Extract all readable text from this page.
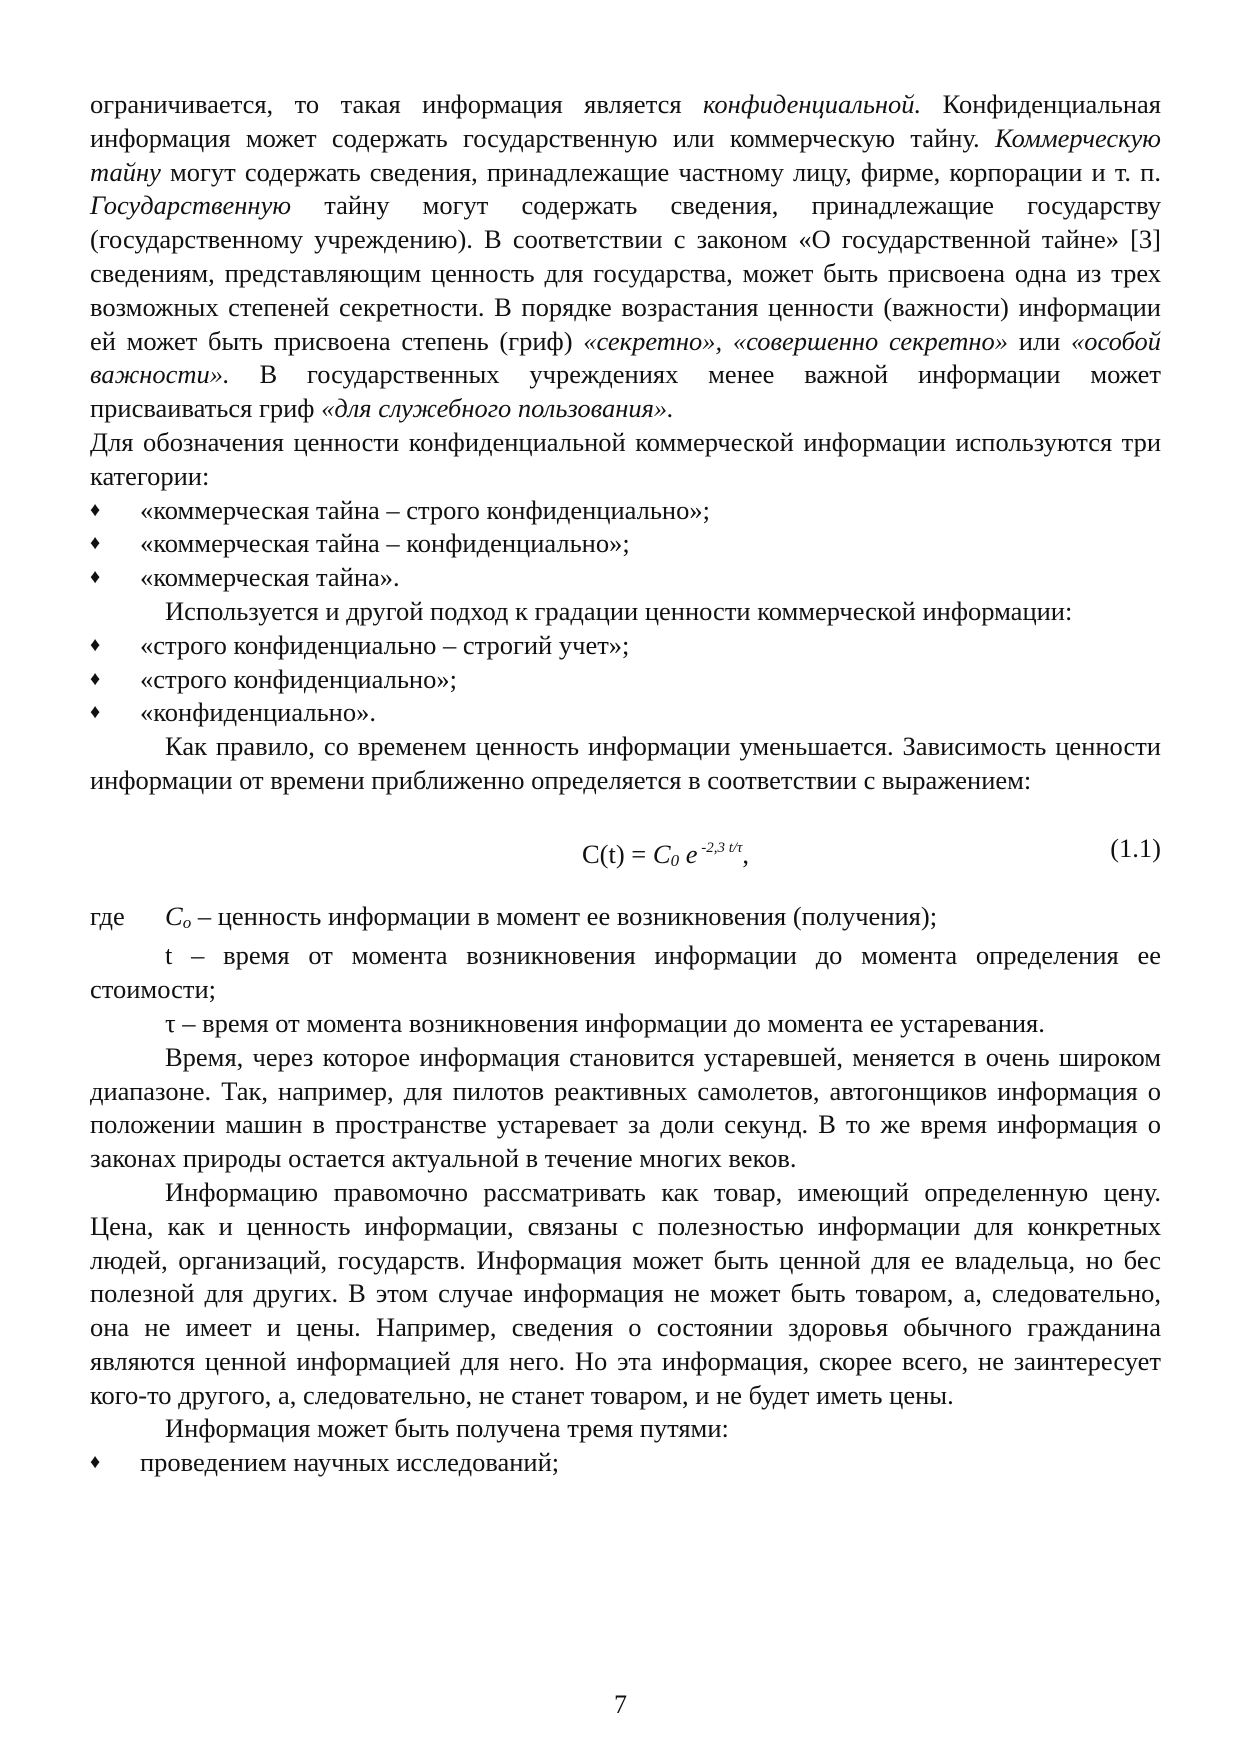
ограничивается, то такая информация является конфиденциальной. Конфиденциальная информация может содержать государственную или коммерческую тайну. Коммерческую тайну могут содержать сведения, принадлежащие частному лицу, фирме, корпорации и т. п. Государственную тайну могут содержать сведения, принадлежащие государству (государственному учреждению). В соответствии с законом «О государственной тайне» [3] сведениям, представляющим ценность для государства, может быть присвоена одна из трех возможных степеней секретности. В порядке возрастания ценности (важности) информации ей может быть присвоена степень (гриф) «секретно», «совершенно секретно» или «особой важности». В государственных учреждениях менее важной информации может присваиваться гриф «для служебного пользования».

Для обозначения ценности конфиденциальной коммерческой информации используются три категории:

♦	«коммерческая тайна – строго конфиденциально»;
♦	«коммерческая тайна – конфиденциально»;
♦	«коммерческая тайна».

Используется и другой подход к градации ценности коммерческой информации:

♦	«строго конфиденциально – строгий учет»;
♦	«строго конфиденциально»;
♦	«конфиденциально».

Как правило, со временем ценность информации уменьшается. Зависимость ценности информации от времени приближенно определяется в соответствии с выражением:

$C(t) = C_0$ e $^{-2,3 t/\tau}$,	(1.1)
где	$C_o$ – ценность информации в момент ее возникновения (получения);

t – время от момента возникновения информации до момента определения ее стоимости;

τ – время от момента возникновения информации до момента ее устаревания.

Время, через которое информация становится устаревшей, меняется в очень широком диапазоне. Так, например, для пилотов реактивных самолетов, автогонщиков информация о положении машин в пространстве устаревает за доли секунд. В то же время информация о законах природы остается актуальной в течение многих веков.

Информацию правомочно рассматривать как товар, имеющий определенную цену. Цена, как и ценность информации, связаны с полезностью информации для конкретных людей, организаций, государств. Информация может быть ценной для ее владельца, но бес полезной для других. В этом случае информация не может быть товаром, а, следовательно, она не имеет и цены. Например, сведения о состоянии здоровья обычного гражданина являются ценной информацией для него. Но эта информация, скорее всего, не заинтересует кого-то другого, а, следовательно, не станет товаром, и не будет иметь цены.

Информация может быть получена тремя путями:

♦	проведением научных исследований;
7
